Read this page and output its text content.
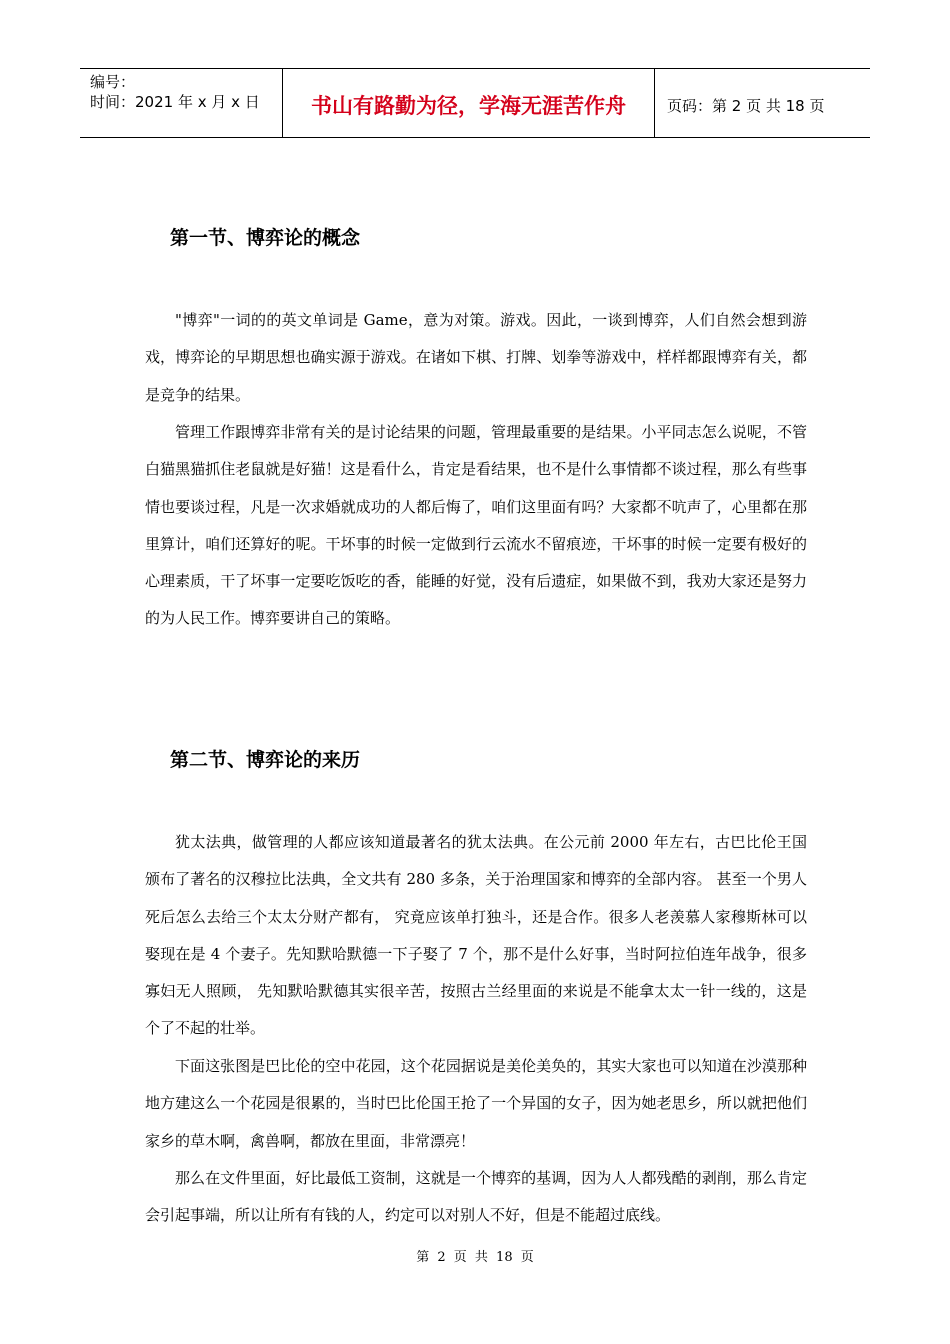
编号：
时间：2021 年 x 月 x 日	书山有路勤为径，学海无涯苦作舟	页码：第 2 页 共 18 页
第一节、博弈论的概念

"博弈"一词的的英文单词是 Game，意为对策。游戏。因此，一谈到博弈，人们自然会想到游戏，博弈论的早期思想也确实源于游戏。在诸如下棋、打牌、划拳等游戏中，样样都跟博弈有关，都是竞争的结果。

管理工作跟博弈非常有关的是讨论结果的问题，管理最重要的是结果。小平同志怎么说呢，不管白猫黑猫抓住老鼠就是好猫！这是看什么，肯定是看结果，也不是什么事情都不谈过程，那么有些事情也要谈过程，凡是一次求婚就成功的人都后悔了，咱们这里面有吗？大家都不吭声了，心里都在那里算计，咱们还算好的呢。干坏事的时候一定做到行云流水不留痕迹，干坏事的时候一定要有极好的心理素质，干了坏事一定要吃饭吃的香，能睡的好觉，没有后遗症，如果做不到，我劝大家还是努力的为人民工作。博弈要讲自己的策略。

第二节、博弈论的来历

犹太法典，做管理的人都应该知道最著名的犹太法典。在公元前 2000 年左右，古巴比伦王国颁布了著名的汉穆拉比法典，全文共有 280 多条，关于治理国家和博弈的全部内容。 甚至一个男人死后怎么去给三个太太分财产都有， 究竟应该单打独斗，还是合作。很多人老羡慕人家穆斯林可以娶现在是 4 个妻子。先知默哈默德一下子娶了 7 个，那不是什么好事，当时阿拉伯连年战争，很多寡妇无人照顾， 先知默哈默德其实很辛苦，按照古兰经里面的来说是不能拿太太一针一线的，这是个了不起的壮举。

下面这张图是巴比伦的空中花园，这个花园据说是美伦美奂的，其实大家也可以知道在沙漠那种地方建这么一个花园是很累的，当时巴比伦国王抢了一个异国的女子，因为她老思乡，所以就把他们家乡的草木啊，禽兽啊，都放在里面，非常漂亮！

那么在文件里面，好比最低工资制，这就是一个博弈的基调，因为人人都残酷的剥削，那么肯定会引起事端，所以让所有有钱的人，约定可以对别人不好，但是不能超过底线。

第 2 页 共 18 页
